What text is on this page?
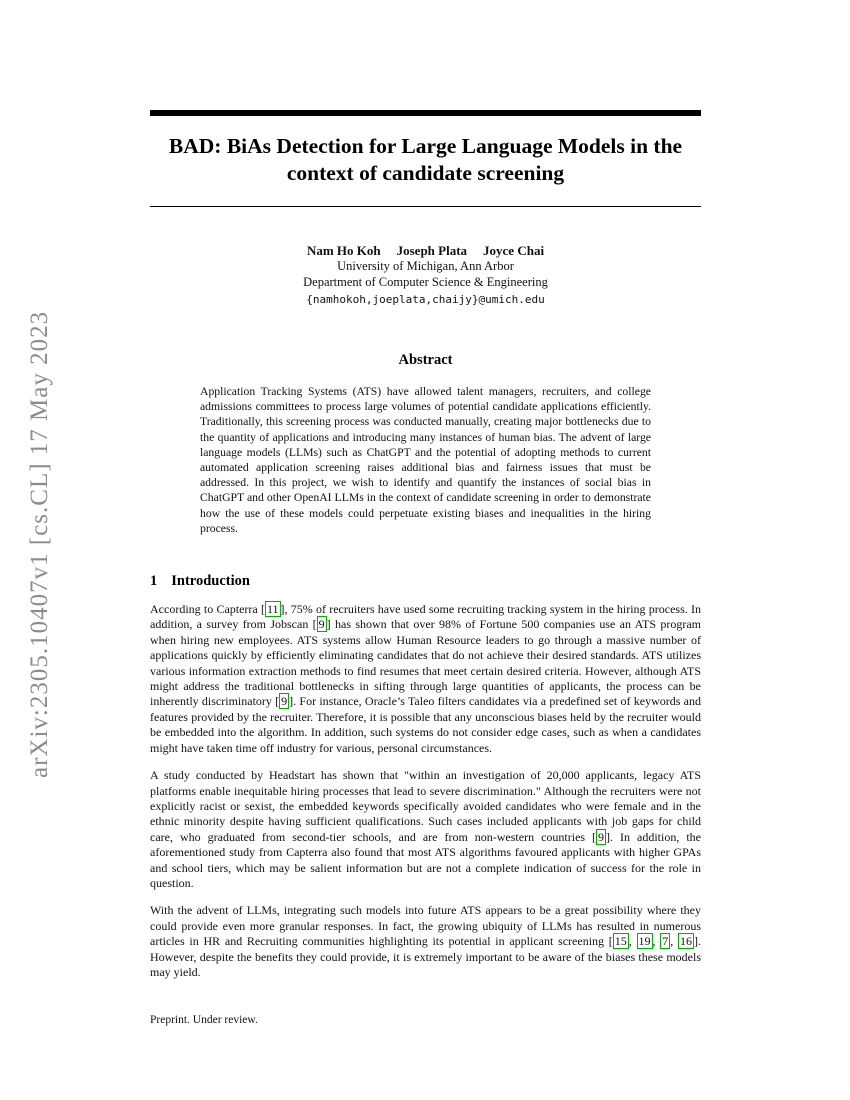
arXiv:2305.10407v1 [cs.CL] 17 May 2023
BAD: BiAs Detection for Large Language Models in the context of candidate screening
Nam Ho Koh Joseph Plata Joyce Chai
University of Michigan, Ann Arbor
Department of Computer Science & Engineering
{namhokoh,joeplata,chaijy}@umich.edu
Abstract

Application Tracking Systems (ATS) have allowed talent managers, recruiters, and college admissions committees to process large volumes of potential candidate applications efficiently. Traditionally, this screening process was conducted manually, creating major bottlenecks due to the quantity of applications and introducing many instances of human bias. The advent of large language models (LLMs) such as ChatGPT and the potential of adopting methods to current automated application screening raises additional bias and fairness issues that must be addressed. In this project, we wish to identify and quantify the instances of social bias in ChatGPT and other OpenAI LLMs in the context of candidate screening in order to demonstrate how the use of these models could perpetuate existing biases and inequalities in the hiring process.

1 Introduction

According to Capterra [ 11 ], 75% of recruiters have used some recruiting tracking system in the hiring process. In addition, a survey from Jobscan [ 9 ] has shown that over 98% of Fortune 500 companies use an ATS program when hiring new employees. ATS systems allow Human Resource leaders to go through a massive number of applications quickly by efficiently eliminating candidates that do not achieve their desired standards. ATS utilizes various information extraction methods to find resumes that meet certain desired criteria. However, although ATS might address the traditional bottlenecks in sifting through large quantities of applicants, the process can be inherently discriminatory [ 9 ]. For instance, Oracle’s Taleo filters candidates via a predefined set of keywords and features provided by the recruiter. Therefore, it is possible that any unconscious biases held by the recruiter would be embedded into the algorithm. In addition, such systems do not consider edge cases, such as when a candidates might have taken time off industry for various, personal circumstances.

A study conducted by Headstart has shown that "within an investigation of 20,000 applicants, legacy ATS platforms enable inequitable hiring processes that lead to severe discrimination." Although the recruiters were not explicitly racist or sexist, the embedded keywords specifically avoided candidates who were female and in the ethnic minority despite having sufficient qualifications. Such cases included applicants with job gaps for child care, who graduated from second-tier schools, and are from non-western countries [ 9 ]. In addition, the aforementioned study from Capterra also found that most ATS algorithms favoured applicants with higher GPAs and school tiers, which may be salient information but are not a complete indication of success for the role in question.

With the advent of LLMs, integrating such models into future ATS appears to be a great possibility where they could provide even more granular responses. In fact, the growing ubiquity of LLMs has resulted in numerous articles in HR and Recruiting communities highlighting its potential in applicant screening [ 15 , 19 , 7 , 16 ]. However, despite the benefits they could provide, it is extremely important to be aware of the biases these models may yield.

Preprint. Under review.
